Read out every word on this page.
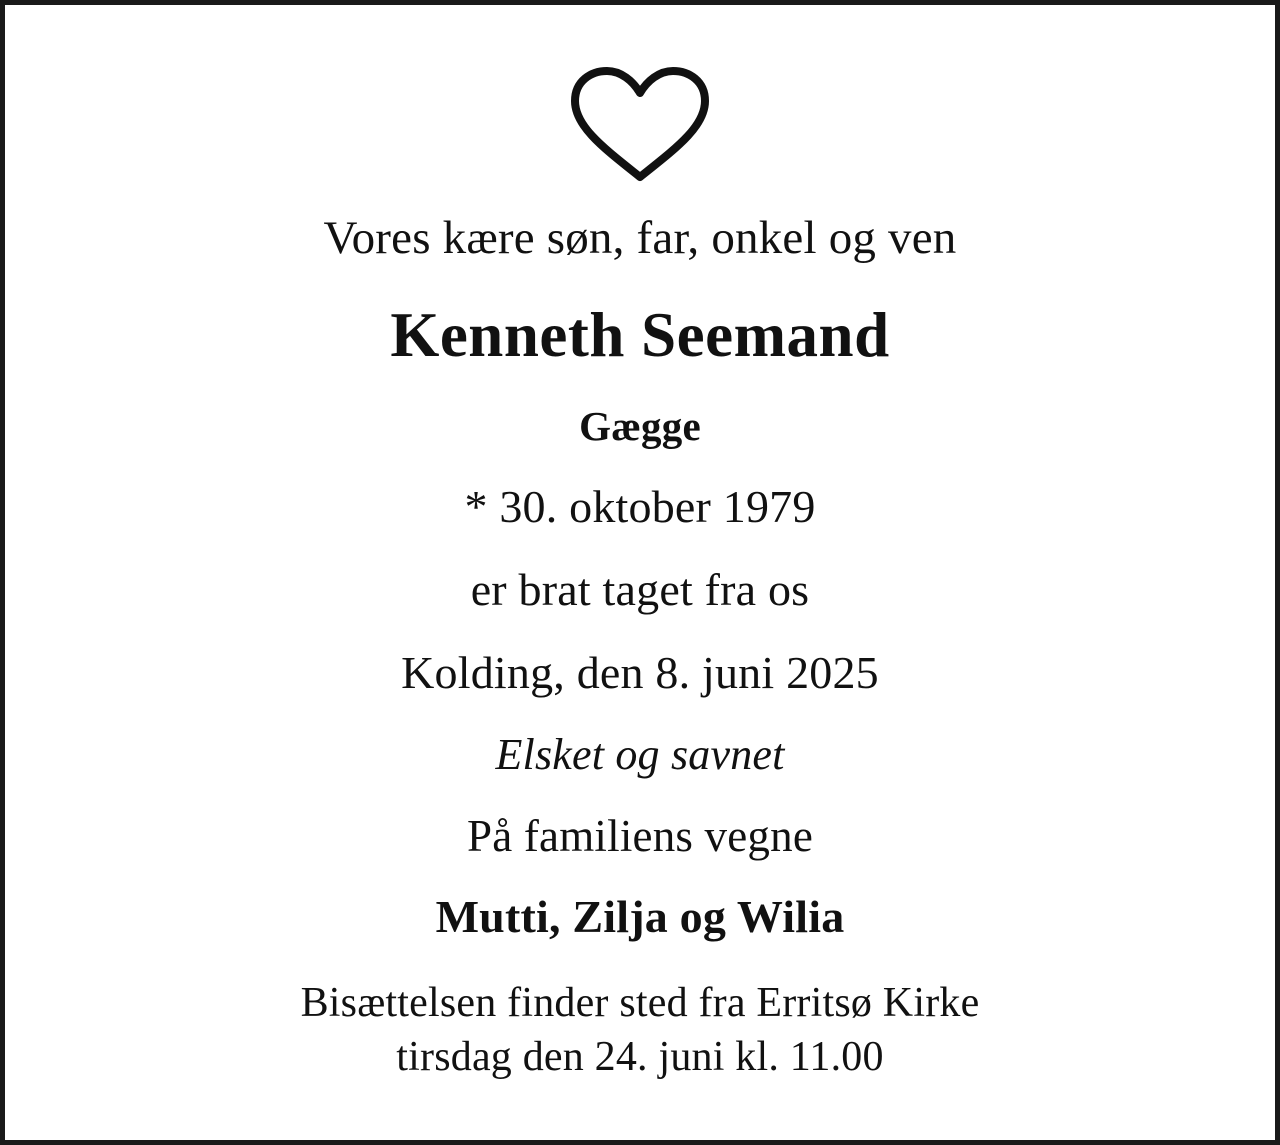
Vores kære søn, far, onkel og ven
Kenneth Seemand
Gægge
* 30. oktober 1979
er brat taget fra os
Kolding, den 8. juni 2025
Elsket og savnet
På familiens vegne
Mutti, Zilja og Wilia
Bisættelsen finder sted fra Erritsø Kirke
tirsdag den 24. juni kl. 11.00
